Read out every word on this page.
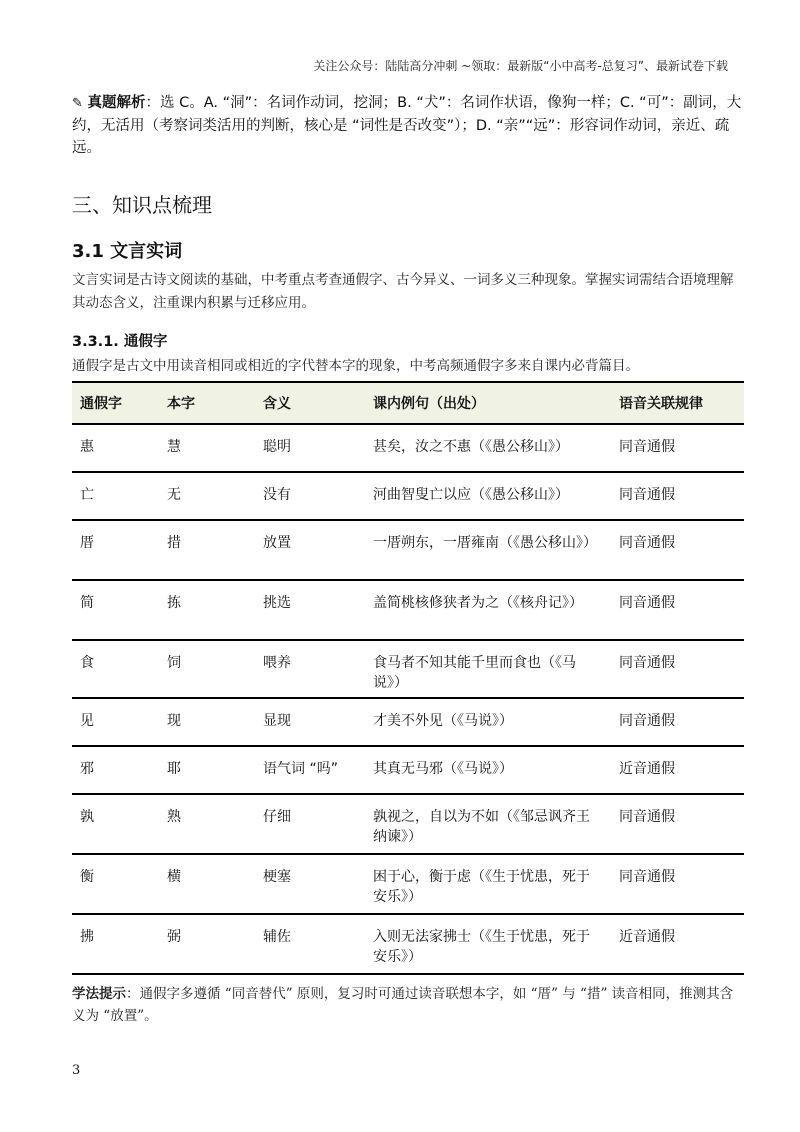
关注公众号：陆陆高分冲刺 ~领取：最新版“小中高考-总复习”、最新试卷下载

✎ 真题解析：选 C。A. “洞”：名词作动词，挖洞；B. “犬”：名词作状语，像狗一样；C. “可”：副词，大约，无活用（考察词类活用的判断，核心是 “词性是否改变”）；D. “亲”“远”：形容词作动词，亲近、疏远。

三、知识点梳理
3.1 文言实词

文言实词是古诗文阅读的基础，中考重点考查通假字、古今异义、一词多义三种现象。掌握实词需结合语境理解其动态含义，注重课内积累与迁移应用。

3.3.1. 通假字

通假字是古文中用读音相同或相近的字代替本字的现象，中考高频通假字多来自课内必背篇目。

通假字	本字	含义	课内例句（出处）	语音关联规律
惠	慧	聪明	甚矣，汝之不惠（《愚公移山》）	同音通假
亡	无	没有	河曲智叟亡以应（《愚公移山》）	同音通假
厝	措	放置	一厝朔东，一厝雍南（《愚公移山》）	同音通假
简	拣	挑选	盖简桃核修狭者为之（《核舟记》）	同音通假
食	饲	喂养	食马者不知其能千里而食也（《马说》）	同音通假
见	现	显现	才美不外见（《马说》）	同音通假
邪	耶	语气词 “吗”	其真无马邪（《马说》）	近音通假
孰	熟	仔细	孰视之，自以为不如（《邹忌讽齐王纳谏》）	同音通假
衡	横	梗塞	困于心，衡于虑（《生于忧患，死于安乐》）	同音通假
拂	弼	辅佐	入则无法家拂士（《生于忧患，死于安乐》）	近音通假

学法提示：通假字多遵循 “同音替代” 原则，复习时可通过读音联想本字，如 “厝” 与 “措” 读音相同，推测其含义为 “放置”。

3
